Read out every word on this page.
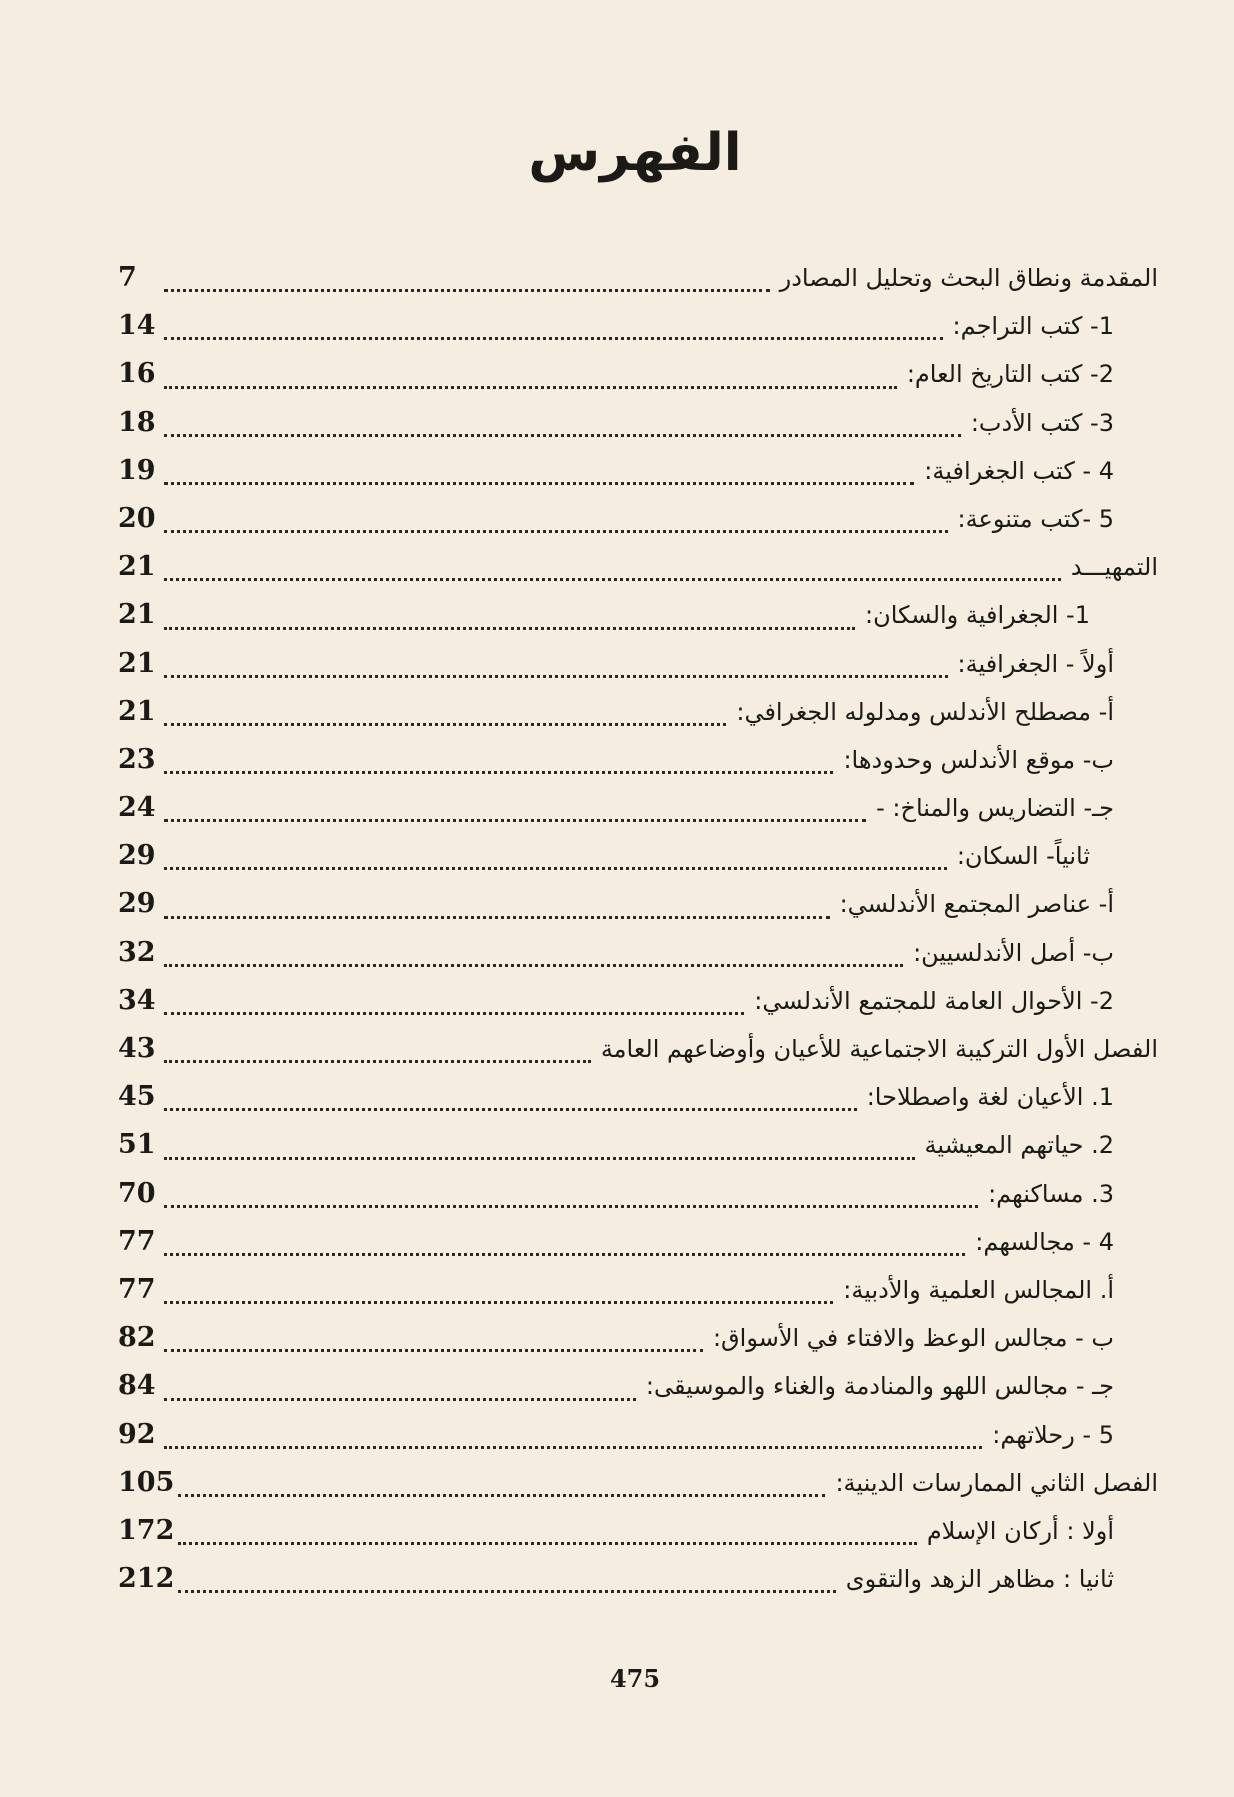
الفهرس
المقدمة ونطاق البحث وتحليل المصادر
7
1- كتب التراجم:
14
2- كتب التاريخ العام:
16
3- كتب الأدب:
18
4 - كتب الجغرافية:
19
5 -كتب متنوعة:
20
التمهيـــد
21
1- الجغرافية والسكان:
21
أولاً - الجغرافية:
21
أ- مصطلح الأندلس ومدلوله الجغرافي:
21
ب- موقع الأندلس وحدودها:
23
جـ- التضاريس والمناخ: -
24
ثانياً- السكان:
29
أ- عناصر المجتمع الأندلسي:
29
ب- أصل الأندلسيين:
32
2- الأحوال العامة للمجتمع الأندلسي:
34
الفصل الأول التركيبة الاجتماعية للأعيان وأوضاعهم العامة
43
1. الأعيان لغة واصطلاحا:
45
2. حياتهم المعيشية
51
3. مساكنهم:
70
4 - مجالسهم:
77
أ. المجالس العلمية والأدبية:
77
ب - مجالس الوعظ والافتاء في الأسواق:
82
جـ - مجالس اللهو والمنادمة والغناء والموسيقى:
84
5 - رحلاتهم:
92
الفصل الثاني الممارسات الدينية:
105
أولا : أركان الإسلام
172
ثانيا : مظاهر الزهد والتقوى
212
475
